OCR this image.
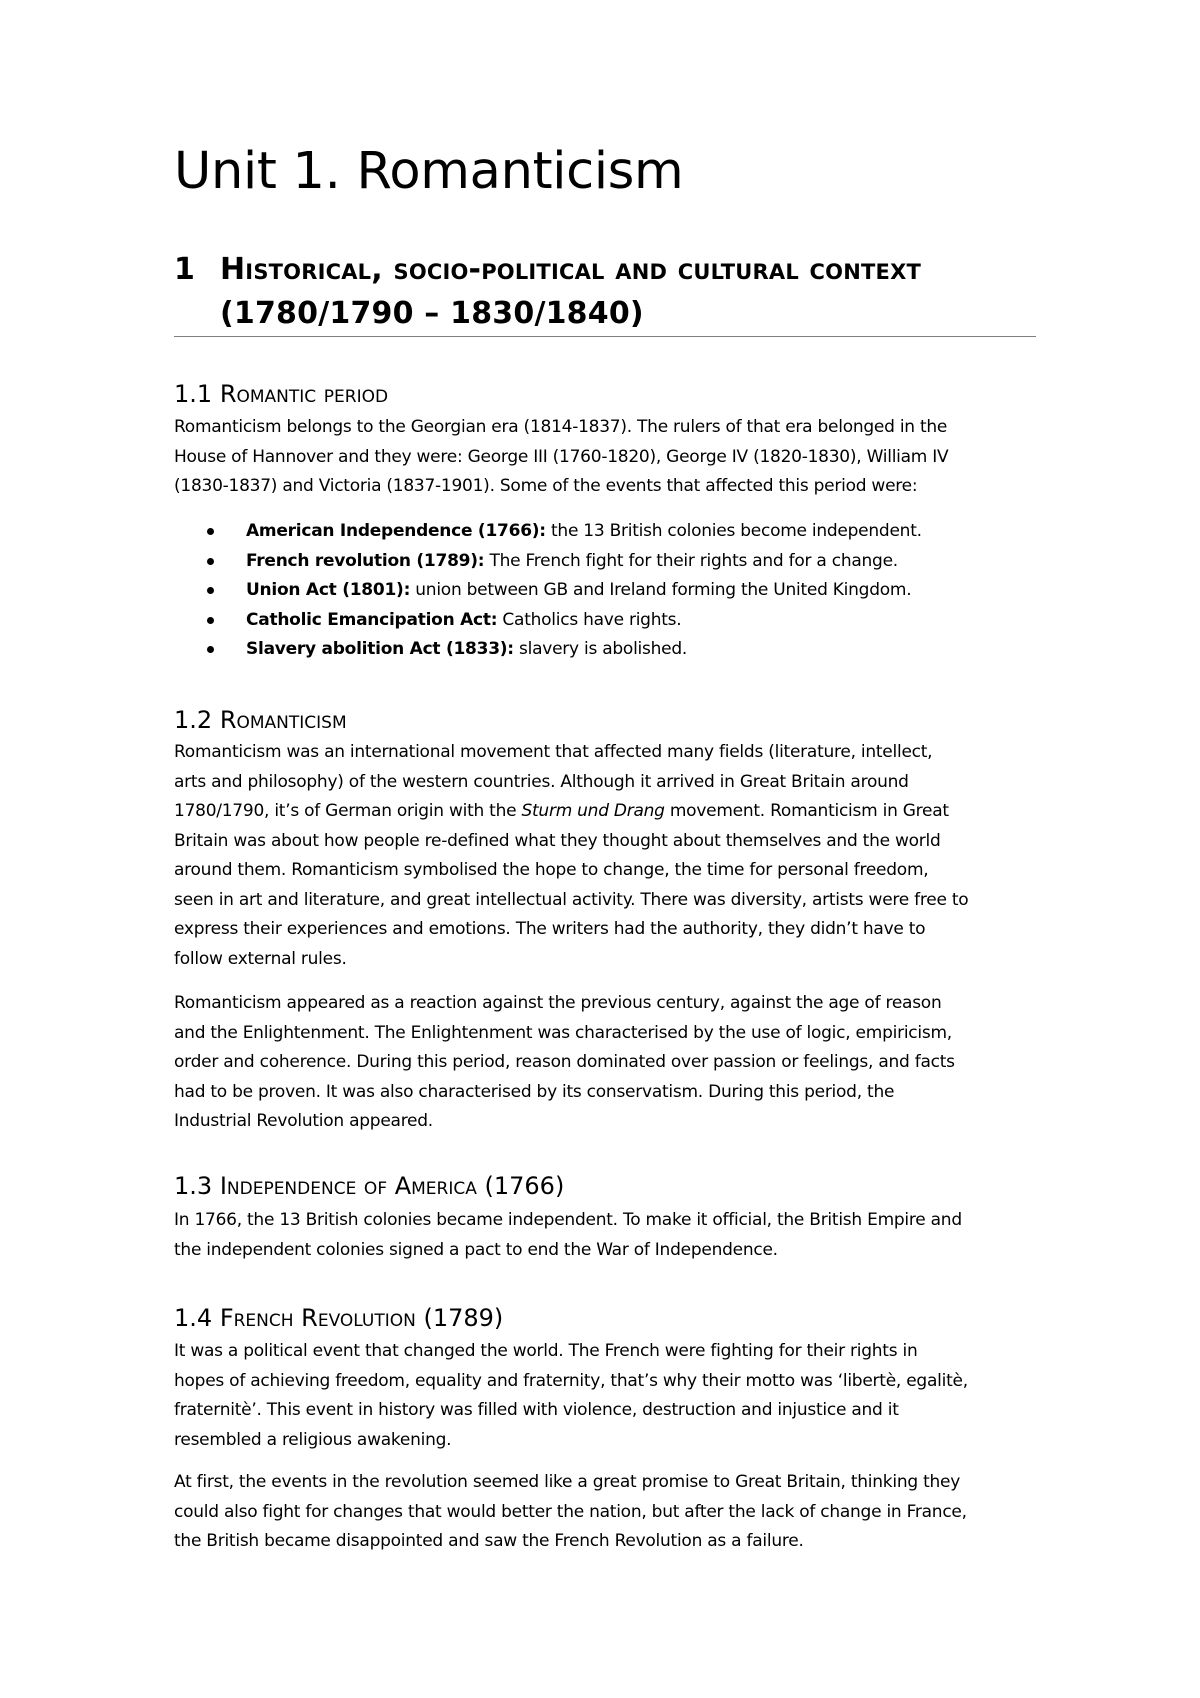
Unit 1. Romanticism
1 Historical, socio-political and cultural context (1780/1790 – 1830/1840)
1.1 Romantic period

Romanticism belongs to the Georgian era (1814-1837). The rulers of that era belonged in the
House of Hannover and they were: George III (1760-1820), George IV (1820-1830), William IV
(1830-1837) and Victoria (1837-1901). Some of the events that affected this period were:

American Independence (1766): the 13 British colonies become independent.
French revolution (1789): The French fight for their rights and for a change.
Union Act (1801): union between GB and Ireland forming the United Kingdom.
Catholic Emancipation Act: Catholics have rights.
Slavery abolition Act (1833): slavery is abolished.
1.2 Romanticism

Romanticism was an international movement that affected many fields (literature, intellect,
arts and philosophy) of the western countries. Although it arrived in Great Britain around
1780/1790, it’s of German origin with the Sturm und Drang movement. Romanticism in Great
Britain was about how people re-defined what they thought about themselves and the world
around them. Romanticism symbolised the hope to change, the time for personal freedom,
seen in art and literature, and great intellectual activity. There was diversity, artists were free to
express their experiences and emotions. The writers had the authority, they didn’t have to
follow external rules.

Romanticism appeared as a reaction against the previous century, against the age of reason
and the Enlightenment. The Enlightenment was characterised by the use of logic, empiricism,
order and coherence. During this period, reason dominated over passion or feelings, and facts
had to be proven. It was also characterised by its conservatism. During this period, the
Industrial Revolution appeared.

1.3 Independence of America (1766)

In 1766, the 13 British colonies became independent. To make it official, the British Empire and
the independent colonies signed a pact to end the War of Independence.

1.4 French Revolution (1789)

It was a political event that changed the world. The French were fighting for their rights in
hopes of achieving freedom, equality and fraternity, that’s why their motto was ‘libertè, egalitè,
fraternitè’. This event in history was filled with violence, destruction and injustice and it
resembled a religious awakening.

At first, the events in the revolution seemed like a great promise to Great Britain, thinking they
could also fight for changes that would better the nation, but after the lack of change in France,
the British became disappointed and saw the French Revolution as a failure.
